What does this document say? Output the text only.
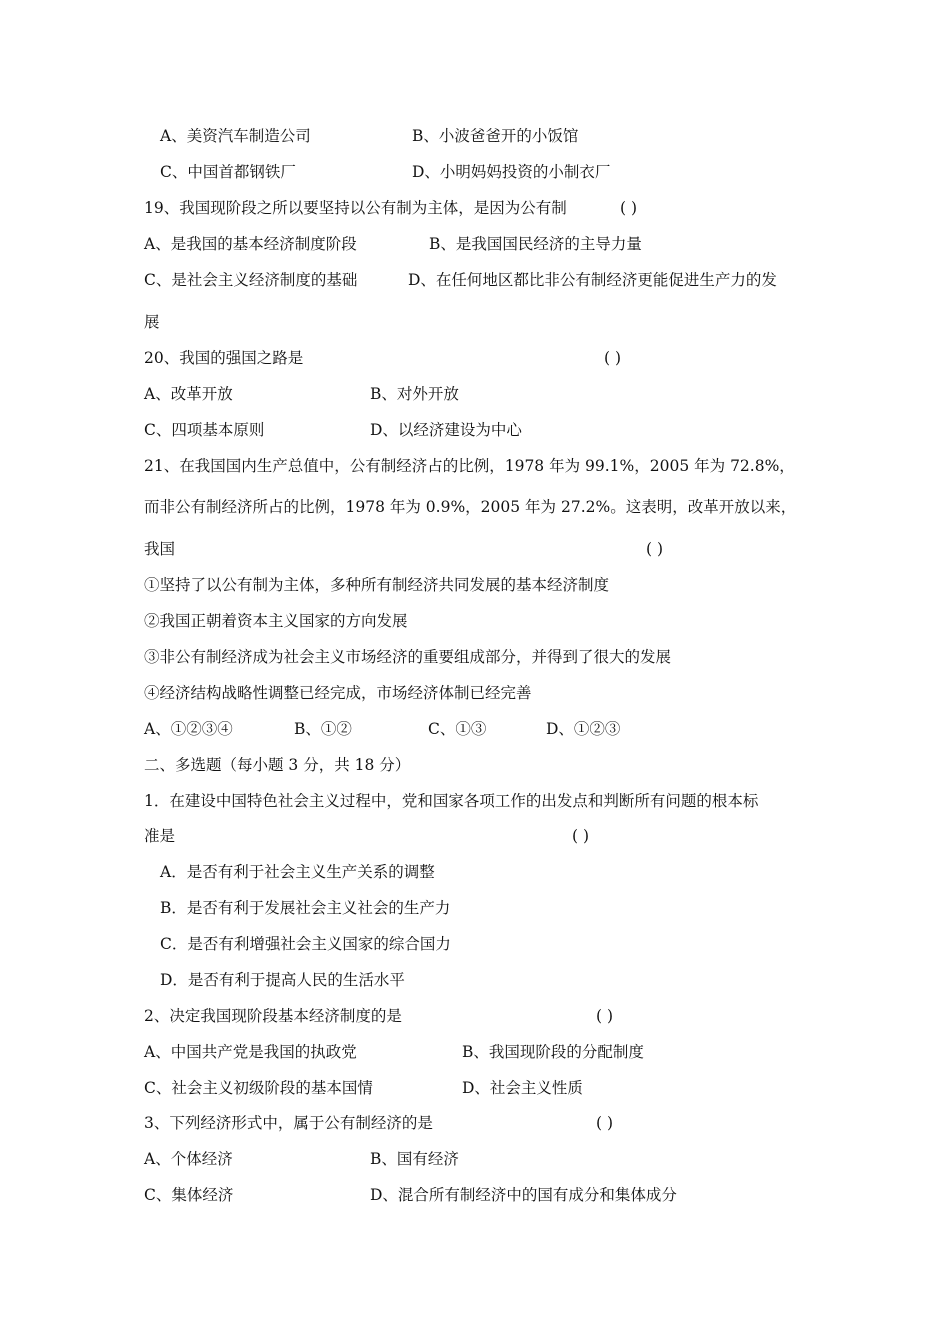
A、美资汽车制造公司	B、小波爸爸开的小饭馆
C、中国首都钢铁厂	D、小明妈妈投资的小制衣厂
19、我国现阶段之所以要坚持以公有制为主体，是因为公有制	( )
A、是我国的基本经济制度阶段	B、是我国国民经济的主导力量
C、是社会主义经济制度的基础	D、在任何地区都比非公有制经济更能促进生产力的发
展
20、我国的强国之路是	( )
A、改革开放	B、对外开放
C、四项基本原则	D、以经济建设为中心
21、在我国国内生产总值中，公有制经济占的比例，1978 年为 99.1%，2005 年为 72.8%，
而非公有制经济所占的比例，1978 年为 0.9%，2005 年为 27.2%。这表明，改革开放以来，
我国	( )
①坚持了以公有制为主体，多种所有制经济共同发展的基本经济制度
②我国正朝着资本主义国家的方向发展
③非公有制经济成为社会主义市场经济的重要组成部分，并得到了很大的发展
④经济结构战略性调整已经完成，市场经济体制已经完善
A、①②③④	B、①②	C、①③	D、①②③
二、多选题（每小题 3 分，共 18 分）
1．在建设中国特色社会主义过程中，党和国家各项工作的出发点和判断所有问题的根本标
准是	( )
A．是否有利于社会主义生产关系的调整
B．是否有利于发展社会主义社会的生产力
C．是否有利增强社会主义国家的综合国力
D．是否有利于提高人民的生活水平
2、决定我国现阶段基本经济制度的是	( )
A、中国共产党是我国的执政党	B、我国现阶段的分配制度
C、社会主义初级阶段的基本国情	D、社会主义性质
3、下列经济形式中，属于公有制经济的是	( )
A、个体经济	B、国有经济
C、集体经济	D、混合所有制经济中的国有成分和集体成分
